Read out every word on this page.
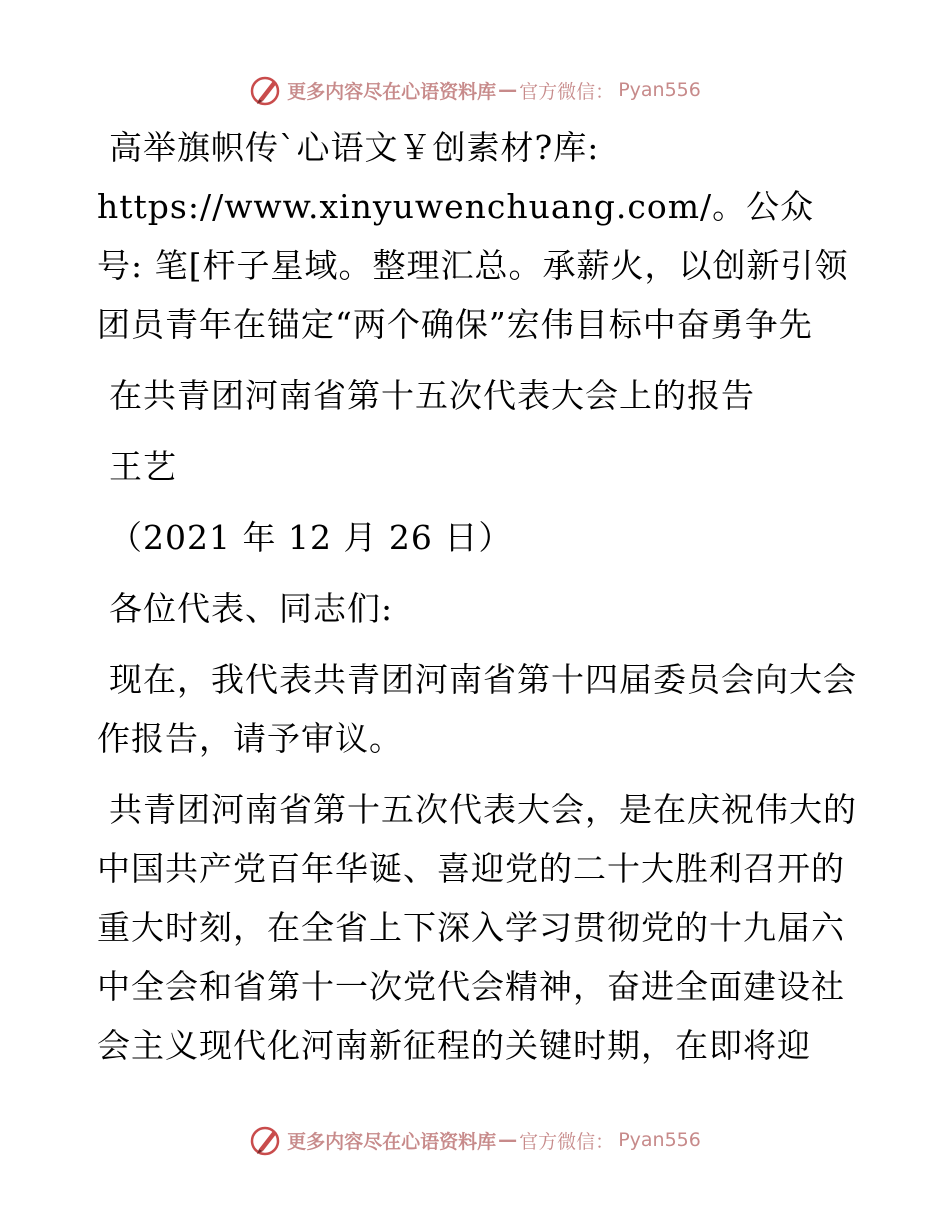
更多内容尽在心语资料库 — 官方微信： Pyan556

高举旗帜传`心语文￥创素材?库: https://www.xinyuwenchuang.com/。公众号: 笔[杆子星域。整理汇总。承薪火，以创新引领团员青年在锚定“两个确保”宏伟目标中奋勇争先

在共青团河南省第十五次代表大会上的报告

王艺

（2021 年 12 月 26 日）

各位代表、同志们:

现在，我代表共青团河南省第十四届委员会向大会作报告，请予审议。

共青团河南省第十五次代表大会，是在庆祝伟大的中国共产党百年华诞、喜迎党的二十大胜利召开的重大时刻，在全省上下深入学习贯彻党的十九届六中全会和省第十一次党代会精神，奋进全面建设社会主义现代化河南新征程的关键时期，在即将迎

更多内容尽在心语资料库 — 官方微信： Pyan556
